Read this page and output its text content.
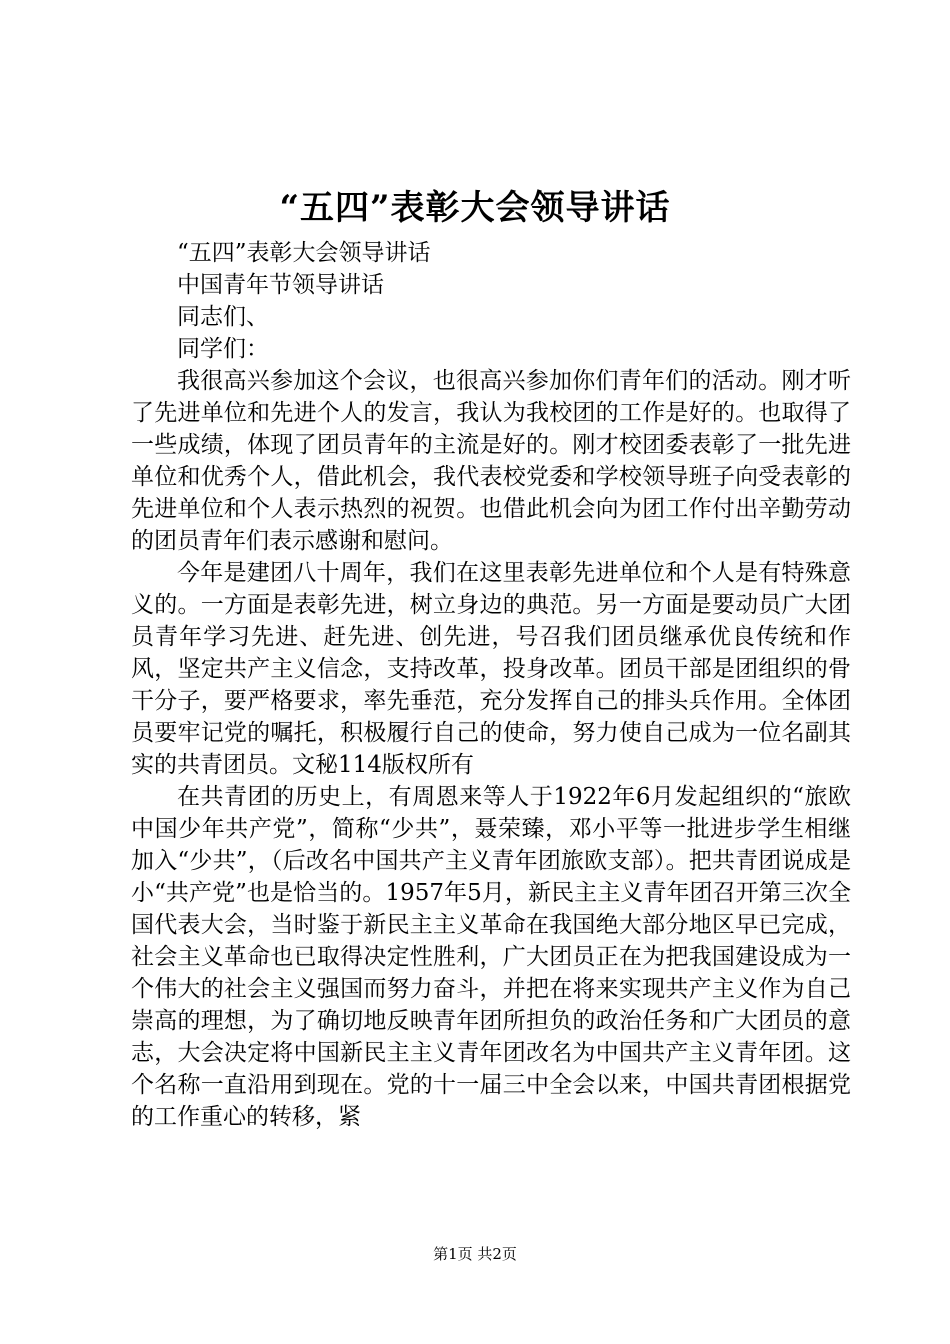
“五四”表彰大会领导讲话

“五四”表彰大会领导讲话

中国青年节领导讲话

同志们、

同学们：

我很高兴参加这个会议，也很高兴参加你们青年们的活动。刚才听了先进单位和先进个人的发言，我认为我校团的工作是好的。也取得了一些成绩，体现了团员青年的主流是好的。刚才校团委表彰了一批先进单位和优秀个人，借此机会，我代表校党委和学校领导班子向受表彰的先进单位和个人表示热烈的祝贺。也借此机会向为团工作付出辛勤劳动的团员青年们表示感谢和慰问。

今年是建团八十周年，我们在这里表彰先进单位和个人是有特殊意义的。一方面是表彰先进，树立身边的典范。另一方面是要动员广大团员青年学习先进、赶先进、创先进，号召我们团员继承优良传统和作风，坚定共产主义信念，支持改革，投身改革。团员干部是团组织的骨干分子，要严格要求，率先垂范，充分发挥自己的排头兵作用。全体团员要牢记党的嘱托，积极履行自己的使命，努力使自己成为一位名副其实的共青团员。文秘114版权所有

在共青团的历史上，有周恩来等人于1922年6月发起组织的“旅欧中国少年共产党”，简称“少共”，聂荣臻，邓小平等一批进步学生相继加入“少共”，（后改名中国共产主义青年团旅欧支部）。把共青团说成是小“共产党”也是恰当的。1957年5月，新民主主义青年团召开第三次全国代表大会，当时鉴于新民主主义革命在我国绝大部分地区早已完成，社会主义革命也已取得决定性胜利，广大团员正在为把我国建设成为一个伟大的社会主义强国而努力奋斗，并把在将来实现共产主义作为自己崇高的理想，为了确切地反映青年团所担负的政治任务和广大团员的意志，大会决定将中国新民主主义青年团改名为中国共产主义青年团。这个名称一直沿用到现在。党的十一届三中全会以来，中国共青团根据党的工作重心的转移，紧

第1页 共2页
